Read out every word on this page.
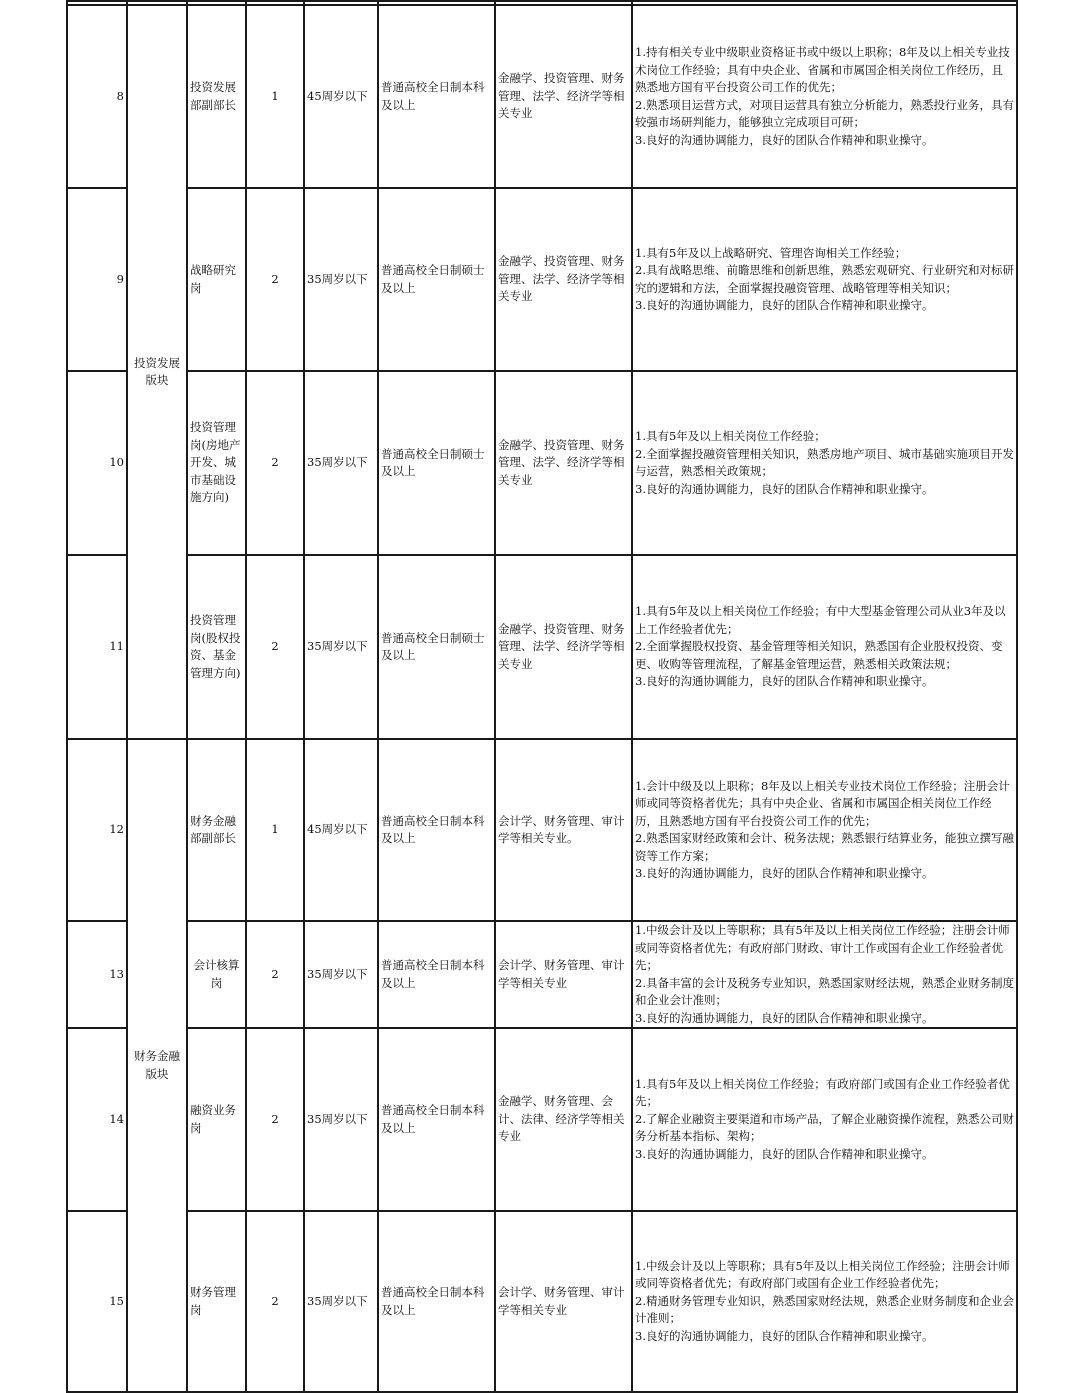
8	投资发展版块	投资发展部副部长	1	45周岁以下	普通高校全日制本科及以上	金融学、投资管理、财务管理、法学、经济学等相关专业	1.持有相关专业中级职业资格证书或中级以上职称；8年及以上相关专业技术岗位工作经验；具有中央企业、省属和市属国企相关岗位工作经历，且熟悉地方国有平台投资公司工作的优先；
2.熟悉项目运营方式，对项目运营具有独立分析能力，熟悉投行业务，具有较强市场研判能力，能够独立完成项目可研；
3.良好的沟通协调能力，良好的团队合作精神和职业操守。

9		战略研究岗	2	35周岁以下	普通高校全日制硕士及以上	金融学、投资管理、财务管理、法学、经济学等相关专业	1.具有5年及以上战略研究、管理咨询相关工作经验；
2.具有战略思维、前瞻思维和创新思维，熟悉宏观研究、行业研究和对标研究的逻辑和方法，全面掌握投融资管理、战略管理等相关知识；
3.良好的沟通协调能力，良好的团队合作精神和职业操守。

10		投资管理岗(房地产开发、城市基础设施方向)	2	35周岁以下	普通高校全日制硕士及以上	金融学、投资管理、财务管理、法学、经济学等相关专业	1.具有5年及以上相关岗位工作经验；
2.全面掌握投融资管理相关知识，熟悉房地产项目、城市基础实施项目开发与运营，熟悉相关政策规；
3.良好的沟通协调能力，良好的团队合作精神和职业操守。

11		投资管理岗(股权投资、基金管理方向)	2	35周岁以下	普通高校全日制硕士及以上	金融学、投资管理、财务管理、法学、经济学等相关专业	1.具有5年及以上相关岗位工作经验；有中大型基金管理公司从业3年及以上工作经验者优先；
2.全面掌握股权投资、基金管理等相关知识，熟悉国有企业股权投资、变更、收购等管理流程，了解基金管理运营，熟悉相关政策法规；
3.良好的沟通协调能力，良好的团队合作精神和职业操守。

12	财务金融版块	财务金融部副部长	1	45周岁以下	普通高校全日制本科及以上	会计学、财务管理、审计学等相关专业。	1.会计中级及以上职称；8年及以上相关专业技术岗位工作经验；注册会计师或同等资格者优先；具有中央企业、省属和市属国企相关岗位工作经历，且熟悉地方国有平台投资公司工作的优先；
2.熟悉国家财经政策和会计、税务法规；熟悉银行结算业务，能独立撰写融资等工作方案；
3.良好的沟通协调能力，良好的团队合作精神和职业操守。

13		会计核算岗	2	35周岁以下	普通高校全日制本科及以上	会计学、财务管理、审计学等相关专业	1.中级会计及以上等职称；具有5年及以上相关岗位工作经验；注册会计师或同等资格者优先；有政府部门财政、审计工作或国有企业工作经验者优先；
2.具备丰富的会计及税务专业知识，熟悉国家财经法规，熟悉企业财务制度和企业会计准则；
3.良好的沟通协调能力，良好的团队合作精神和职业操守。

14		融资业务岗	2	35周岁以下	普通高校全日制本科及以上	金融学、财务管理、会计、法律、经济学等相关专业	1.具有5年及以上相关岗位工作经验；有政府部门或国有企业工作经验者优先；
2.了解企业融资主要渠道和市场产品，了解企业融资操作流程，熟悉公司财务分析基本指标、架构；
3.良好的沟通协调能力，良好的团队合作精神和职业操守。

15		财务管理岗	2	35周岁以下	普通高校全日制本科及以上	会计学、财务管理、审计学等相关专业	1.中级会计及以上等职称；具有5年及以上相关岗位工作经验；注册会计师或同等资格者优先；有政府部门或国有企业工作经验者优先；
2.精通财务管理专业知识，熟悉国家财经法规，熟悉企业财务制度和企业会计准则；
3.良好的沟通协调能力，良好的团队合作精神和职业操守。
